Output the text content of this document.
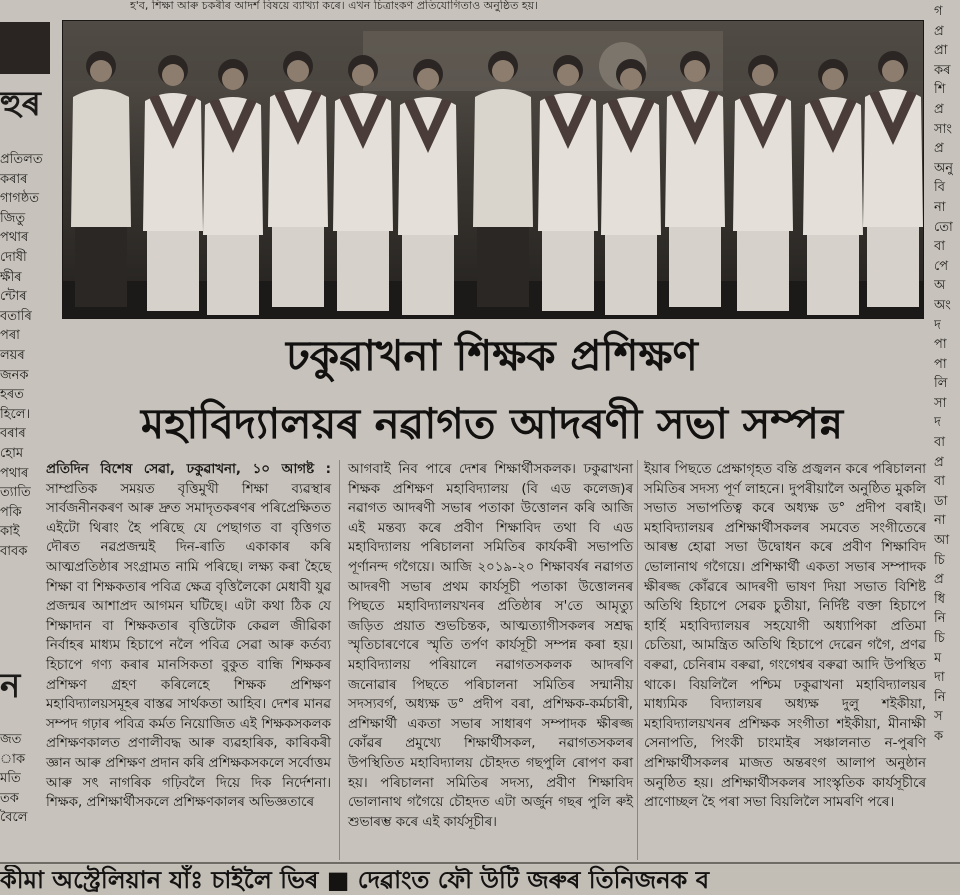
হ'ব, শিক্ষা আৰু চকৰীৰ আদৰ্শ বিষয়ে ব্যাখ্যা কৰে। এখন চিত্ৰাংকণ প্ৰতিযোগিতাও অনুষ্ঠিত হয়।
হুৰ
প্ৰতিলত
কৰাৰ
গাগষ্ঠত
জিতু
পথাৰ
দোষী
ক্ষীৰ
ন্টোৰ
বতাৰি
পৰা
লয়ৰ
জনক
হৰত
হিলে।
বৰাৰ
হোম
পথাৰ
ত্যাতি
পকি
কাই
বাবক
ন
জত
াক
মতি
তক
বৈলে
গ
প্ৰ
প্ৰা
কৰ
শি
প্ৰ
সাং
প্ৰ
অনু
বি
না
তো
বা
পে
অ
অং
দ
পা
পা
লি
সা
দ
বা
প্ৰ
বা
ডা
না
আ
চি
প্ৰ
ধি
নি
চি
ম
দা
নি
স
ক
ঢকুৱাখনা শিক্ষক প্ৰশিক্ষণ
মহাবিদ্যালয়ৰ নৱাগত আদৰণী সভা সম্পন্ন

প্ৰতিদিন বিশেষ সেৱা, ঢকুৱাখনা, ১০ আগষ্ট : সাম্প্ৰতিক সময়ত বৃত্তিমুখী শিক্ষা ব্যৱস্থাৰ সাৰ্বজনীনকৰণ আৰু দ্ৰুত সমাদৃতকৰণৰ পৰিপ্ৰেক্ষিতত এইটো থিৰাং হৈ পৰিছে যে পেছাগত বা বৃত্তিগত দৌৰত নৱপ্ৰজন্মই দিন-ৰাতি একাকাৰ কৰি আত্মপ্ৰতিষ্ঠাৰ সংগ্ৰামত নামি পৰিছে। লক্ষ্য কৰা হৈছে শিক্ষা বা শিক্ষকতাৰ পবিত্ৰ ক্ষেত্ৰ বৃত্তিলৈকো মেধাবী যুৱ প্ৰজন্মৰ আশাপ্ৰদ আগমন ঘটিছে। এটা কথা ঠিক যে শিক্ষাদান বা শিক্ষকতাৰ বৃত্তিটোক কেৱল জীৱিকা নিৰ্বাহৰ মাধ্যম হিচাপে নলৈ পবিত্ৰ সেৱা আৰু কৰ্তব্য হিচাপে গণ্য কৰাৰ মানসিকতা বুকুত বান্ধি শিক্ষকৰ প্ৰশিক্ষণ গ্ৰহণ কৰিলেহে শিক্ষক প্ৰশিক্ষণ মহাবিদ্যালয়সমূহৰ বাস্তৱ সাৰ্থকতা আহিব। দেশৰ মানৱ সম্পদ গঢ়াৰ পবিত্ৰ কৰ্মত নিয়োজিত এই শিক্ষকসকলক প্ৰশিক্ষণকালত প্ৰণালীবদ্ধ আৰু ব্যৱহাৰিক, কাৰিকৰী জ্ঞান আৰু প্ৰশিক্ষণ প্ৰদান কৰি প্ৰশিক্ষকসকলে সৰ্বোত্তম আৰু সৎ নাগৰিক গঢ়িবলৈ দিয়ে দিক নিৰ্দেশনা। শিক্ষক, প্ৰশিক্ষাৰ্থীসকলে প্ৰশিক্ষণকালৰ অভিজ্ঞতাৰে

আগবাই নিব পাৰে দেশৰ শিক্ষাৰ্থীসকলক। ঢকুৱাখনা শিক্ষক প্ৰশিক্ষণ মহাবিদ্যালয় (বি এড কলেজ)ৰ নৱাগত আদৰণী সভাৰ পতাকা উত্তোলন কৰি আজি এই মন্তব্য কৰে প্ৰবীণ শিক্ষাবিদ তথা বি এড মহাবিদ্যালয় পৰিচালনা সমিতিৰ কাৰ্যকৰী সভাপতি পূৰ্ণানন্দ গগৈয়ে। আজি ২০১৯-২০ শিক্ষাবৰ্ষৰ নৱাগত আদৰণী সভাৰ প্ৰথম কাৰ্যসূচী পতাকা উত্তোলনৰ পিছতে মহাবিদ্যালয়খনৰ প্ৰতিষ্ঠাৰ স'তে আমৃত্যু জড়িত প্ৰয়াত শুভচিন্তক, আত্মত্যাগীসকলৰ সশ্ৰদ্ধ স্মৃতিচাৰণেৰে স্মৃতি তৰ্পণ কাৰ্যসূচী সম্পন্ন কৰা হয়। মহাবিদ্যালয় পৰিয়ালে নৱাগতসকলক আদৰণি জনোৱাৰ পিছতে পৰিচালনা সমিতিৰ সন্মানীয় সদস্যবৰ্গ, অধ্যক্ষ ড° প্ৰদীপ বৰা, প্ৰশিক্ষক-কৰ্মচাৰী, প্ৰশিক্ষাৰ্থী একতা সভাৰ সাধাৰণ সম্পাদক ক্ষীৰজ্জ কোঁৱৰ প্ৰমুখ্যে শিক্ষাৰ্থীসকল, নৱাগতসকলৰ উপস্থিতিত মহাবিদ্যালয় চৌহদত গছপুলি ৰোপণ কৰা হয়। পৰিচালনা সমিতিৰ সদস্য, প্ৰবীণ শিক্ষাবিদ ভোলানাথ গগৈয়ে চৌহদত এটা অৰ্জুন গছৰ পুলি ৰুই শুভাৰম্ভ কৰে এই কাৰ্যসূচীৰ।

ইয়াৰ পিছতে প্ৰেক্ষাগৃহত বন্তি প্ৰজ্বলন কৰে পৰিচালনা সমিতিৰ সদস্য পূৰ্ণ লাহনে। দুপৰীয়ালৈ অনুষ্ঠিত মুকলি সভাত সভাপতিত্ব কৰে অধ্যক্ষ ড° প্ৰদীপ বৰাই। মহাবিদ্যালয়ৰ প্ৰশিক্ষাৰ্থীসকলৰ সমবেত সংগীতেৰে আৰম্ভ হোৱা সভা উদ্বোধন কৰে প্ৰবীণ শিক্ষাবিদ ভোলানাথ গগৈয়ে। প্ৰশিক্ষাৰ্থী একতা সভাৰ সম্পাদক ক্ষীৰজ্জ কোঁৱৰে আদৰণী ভাষণ দিয়া সভাত বিশিষ্ট অতিথি হিচাপে সেৱক চুতীয়া, নিৰ্দিষ্ট বক্তা হিচাপে হাৰ্হি মহাবিদ্যালয়ৰ সহযোগী অধ্যাপিকা প্ৰতিমা চেতিয়া, আমন্ত্ৰিত অতিথি হিচাপে দেৱেন গগৈ, প্ৰণৱ বৰুৱা, চেনিৰাম বৰুৱা, গংগেশ্বৰ বৰুৱা আদি উপস্থিত থাকে। বিয়লিলৈ পশ্চিম ঢকুৱাখনা মহাবিদ্যালয়ৰ মাধ্যমিক বিদ্যালয়ৰ অধ্যক্ষ দুলু শইকীয়া, মহাবিদ্যালয়খনৰ প্ৰশিক্ষক সংগীতা শইকীয়া, মীনাক্ষী সেনাপতি, পিংকী চাংমাইৰ সঞ্চালনাত ন-পুৰণি প্ৰশিক্ষাৰ্থীসকলৰ মাজত অন্তৰংগ আলাপ অনুষ্ঠান অনুষ্ঠিত হয়। প্ৰশিক্ষাৰ্থীসকলৰ সাংস্কৃতিক কাৰ্যসূচীৰে প্ৰাণোচ্ছল হৈ পৰা সভা বিয়লিলৈ সামৰণি পৰে।

কীমা অস্ট্ৰেলিয়ান যাঁঃ চাইলৈ ভিৰ ■ দেৱাংত ফৌ উটি জৰুৰ তিনিজনক ব
